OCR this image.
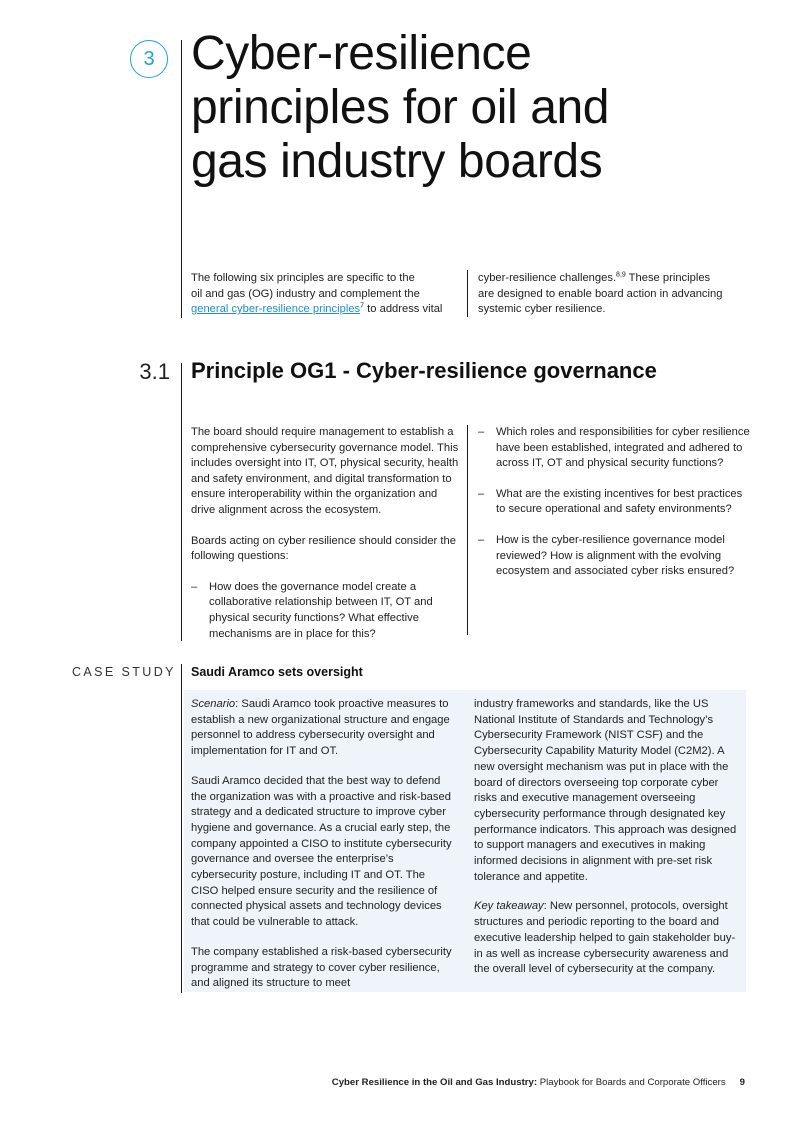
3 Cyber-resilience
principles for oil and
gas industry boards
The following six principles are specific to the
oil and gas (OG) industry and complement the
general cyber-resilience principles$^7$ to address vital
cyber-resilience challenges.$^{8,9}$ These principles
are designed to enable board action in advancing
systemic cyber resilience.
3.1 Principle OG1 - Cyber-resilience governance

The board should require management to establish a comprehensive cybersecurity governance model. This includes oversight into IT, OT, physical security, health and safety environment, and digital transformation to ensure interoperability within the organization and drive alignment across the ecosystem.

Boards acting on cyber resilience should consider the following questions:

– How does the governance model create a collaborative relationship between IT, OT and physical security functions? What effective mechanisms are in place for this?
– Which roles and responsibilities for cyber resilience have been established, integrated and adhered to across IT, OT and physical security functions?
– What are the existing incentives for best practices to secure operational and safety environments?
– How is the cyber-resilience governance model reviewed? How is alignment with the evolving ecosystem and associated cyber risks ensured?
CASE STUDY Saudi Aramco sets oversight

Scenario: Saudi Aramco took proactive measures to establish a new organizational structure and engage personnel to address cybersecurity oversight and implementation for IT and OT.

Saudi Aramco decided that the best way to defend the organization was with a proactive and risk-based strategy and a dedicated structure to improve cyber hygiene and governance. As a crucial early step, the company appointed a CISO to institute cybersecurity governance and oversee the enterprise’s cybersecurity posture, including IT and OT. The CISO helped ensure security and the resilience of connected physical assets and technology devices that could be vulnerable to attack.

The company established a risk-based cybersecurity programme and strategy to cover cyber resilience, and aligned its structure to meet

industry frameworks and standards, like the US National Institute of Standards and Technology’s Cybersecurity Framework (NIST CSF) and the Cybersecurity Capability Maturity Model (C2M2). A new oversight mechanism was put in place with the board of directors overseeing top corporate cyber risks and executive management overseeing cybersecurity performance through designated key performance indicators. This approach was designed to support managers and executives in making informed decisions in alignment with pre-set risk tolerance and appetite.

Key takeaway: New personnel, protocols, oversight structures and periodic reporting to the board and executive leadership helped to gain stakeholder buy-in as well as increase cybersecurity awareness and the overall level of cybersecurity at the company.

Cyber Resilience in the Oil and Gas Industry: Playbook for Boards and Corporate Officers 9
